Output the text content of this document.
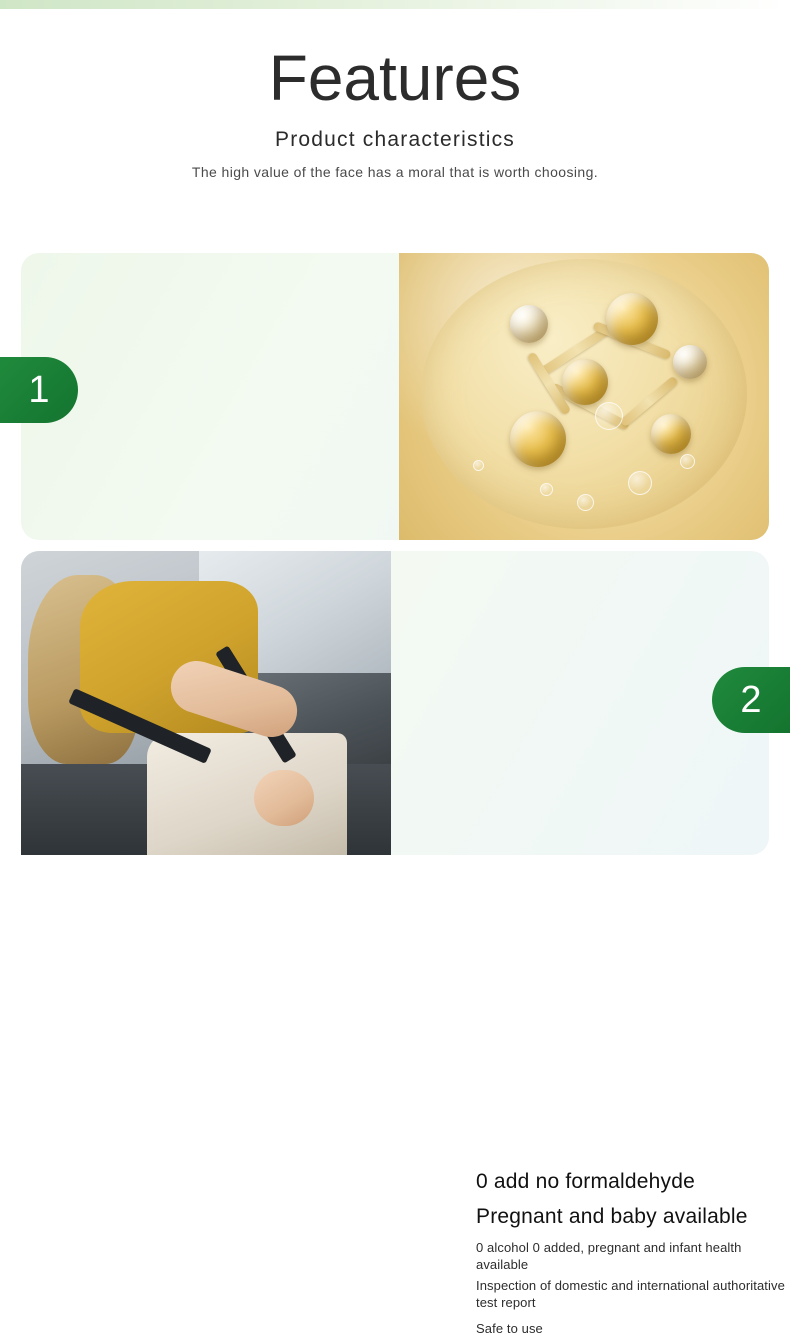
Features
Product characteristics
The high value of the face has a moral that is worth choosing.
1
0 add no formaldehyde
Pregnant and baby available
0 alcohol 0 added, pregnant and infant health available
Inspection of domestic and international authoritative test report
Safe to use
2
